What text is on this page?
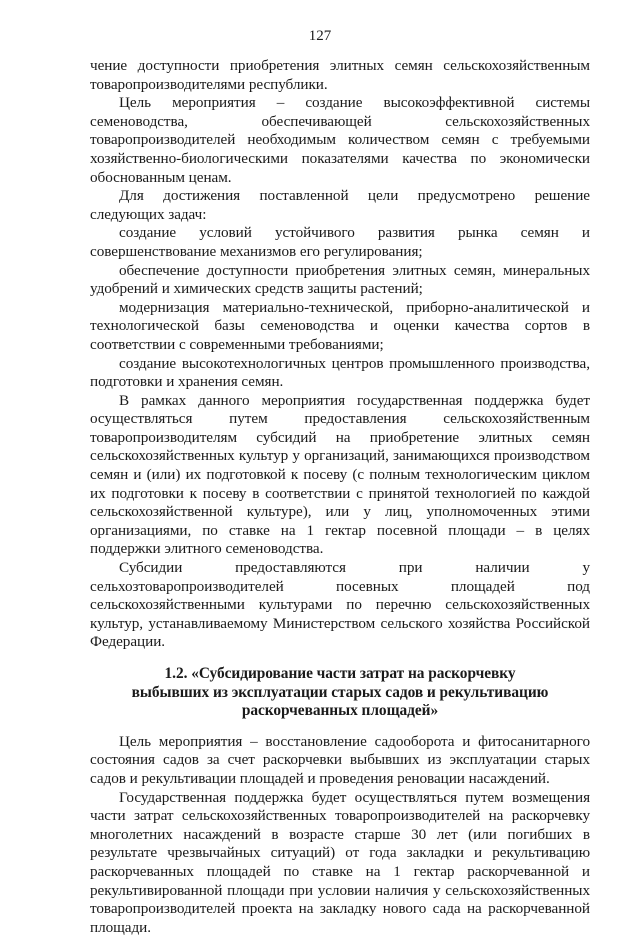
127

чение доступности приобретения элитных семян сельскохозяйственным товаропроизводителями республики.

Цель мероприятия – создание высокоэффективной системы семеноводства, обеспечивающей сельскохозяйственных товаропроизводителей необходимым количеством семян с требуемыми хозяйственно-биологическими показателями качества по экономически обоснованным ценам.

Для достижения поставленной цели предусмотрено решение следующих задач:

создание условий устойчивого развития рынка семян и совершенствование механизмов его регулирования;

обеспечение доступности приобретения элитных семян, минеральных удобрений и химических средств защиты растений;

модернизация материально-технической, приборно-аналитической и технологической базы семеноводства и оценки качества сортов в соответствии с современными требованиями;

создание высокотехнологичных центров промышленного производства, подготовки и хранения семян.

В рамках данного мероприятия государственная поддержка будет осуществляться путем предоставления сельскохозяйственным товаропроизводителям субсидий на приобретение элитных семян сельскохозяйственных культур у организаций, занимающихся производством семян и (или) их подготовкой к посеву (с полным технологическим циклом их подготовки к посеву в соответствии с принятой технологией по каждой сельскохозяйственной культуре), или у лиц, уполномоченных этими организациями, по ставке на 1 гектар посевной площади – в целях поддержки элитного семеноводства.

Субсидии предоставляются при наличии у сельхозтоваропроизводителей посевных площадей под сельскохозяйственными культурами по перечню сельскохозяйственных культур, устанавливаемому Министерством сельского хозяйства Российской Федерации.

1.2. «Субсидирование части затрат на раскорчевку
выбывших из эксплуатации старых садов и рекультивацию
раскорчеванных площадей»

Цель мероприятия – восстановление садооборота и фитосанитарного состояния садов за счет раскорчевки выбывших из эксплуатации старых садов и рекультивации площадей и проведения реновации насаждений.

Государственная поддержка будет осуществляться путем возмещения части затрат сельскохозяйственных товаропроизводителей на раскорчевку многолетних насаждений в возрасте старше 30 лет (или погибших в результате чрезвычайных ситуаций) от года закладки и рекультивацию раскорчеванных площадей по ставке на 1 гектар раскорчеванной и рекультивированной площади при условии наличия у сельскохозяйственных товаропроизводителей проекта на закладку нового сада на раскорчеванной площади.
